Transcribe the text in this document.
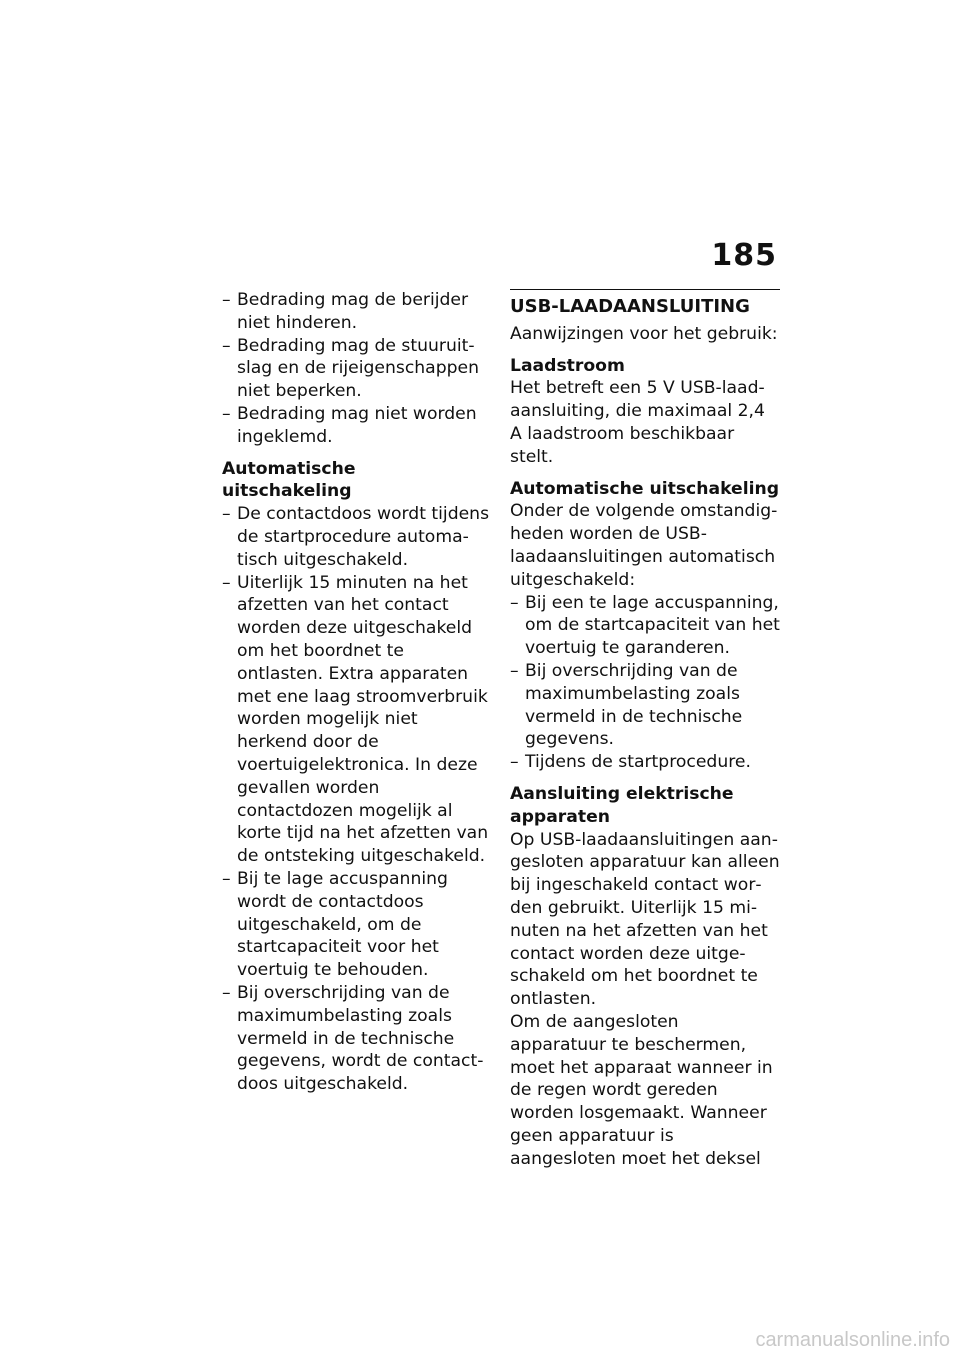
185
– Bedrading mag de berijder niet hinderen.
– Bedrading mag de stuuruitslag en de rijeigenschappen niet beperken.
– Bedrading mag niet worden ingeklemd.
Automatische uitschakeling
– De contactdoos wordt tijdens de startprocedure automatisch uitgeschakeld.
– Uiterlijk 15 minuten na het afzetten van het contact worden deze uitgeschakeld om het boordnet te ontlasten. Extra apparaten met ene laag stroomverbruik worden mogelijk niet herkend door de voertuigelektronica. In deze gevallen worden contactdozen mogelijk al korte tijd na het afzetten van de ontsteking uitgeschakeld.
– Bij te lage accuspanning wordt de contactdoos uitgeschakeld, om de startcapaciteit voor het voertuig te behouden.
– Bij overschrijding van de maximumbelasting zoals vermeld in de technische gegevens, wordt de contactdoos uitgeschakeld.
USB-LAADAANSLUITING
Aanwijzingen voor het gebruik:
Laadstroom
Het betreft een 5 V USB-laadaansluiting, die maximaal 2,4 A laadstroom beschikbaar stelt.
Automatische uitschakeling
Onder de volgende omstandigheden worden de USB-laadaansluitingen automatisch uitgeschakeld:
– Bij een te lage accuspanning, om de startcapaciteit van het voertuig te garanderen.
– Bij overschrijding van de maximumbelasting zoals vermeld in de technische gegevens.
– Tijdens de startprocedure.
Aansluiting elektrische apparaten
Op USB-laadaansluitingen aangesloten apparatuur kan alleen bij ingeschakeld contact worden gebruikt. Uiterlijk 15 minuten na het afzetten van het contact worden deze uitgeschakeld om het boordnet te ontlasten.
Om de aangesloten apparatuur te beschermen, moet het apparaat wanneer in de regen wordt gereden worden losgemaakt. Wanneer geen apparatuur is aangesloten moet het deksel
carmanualsonline.info
